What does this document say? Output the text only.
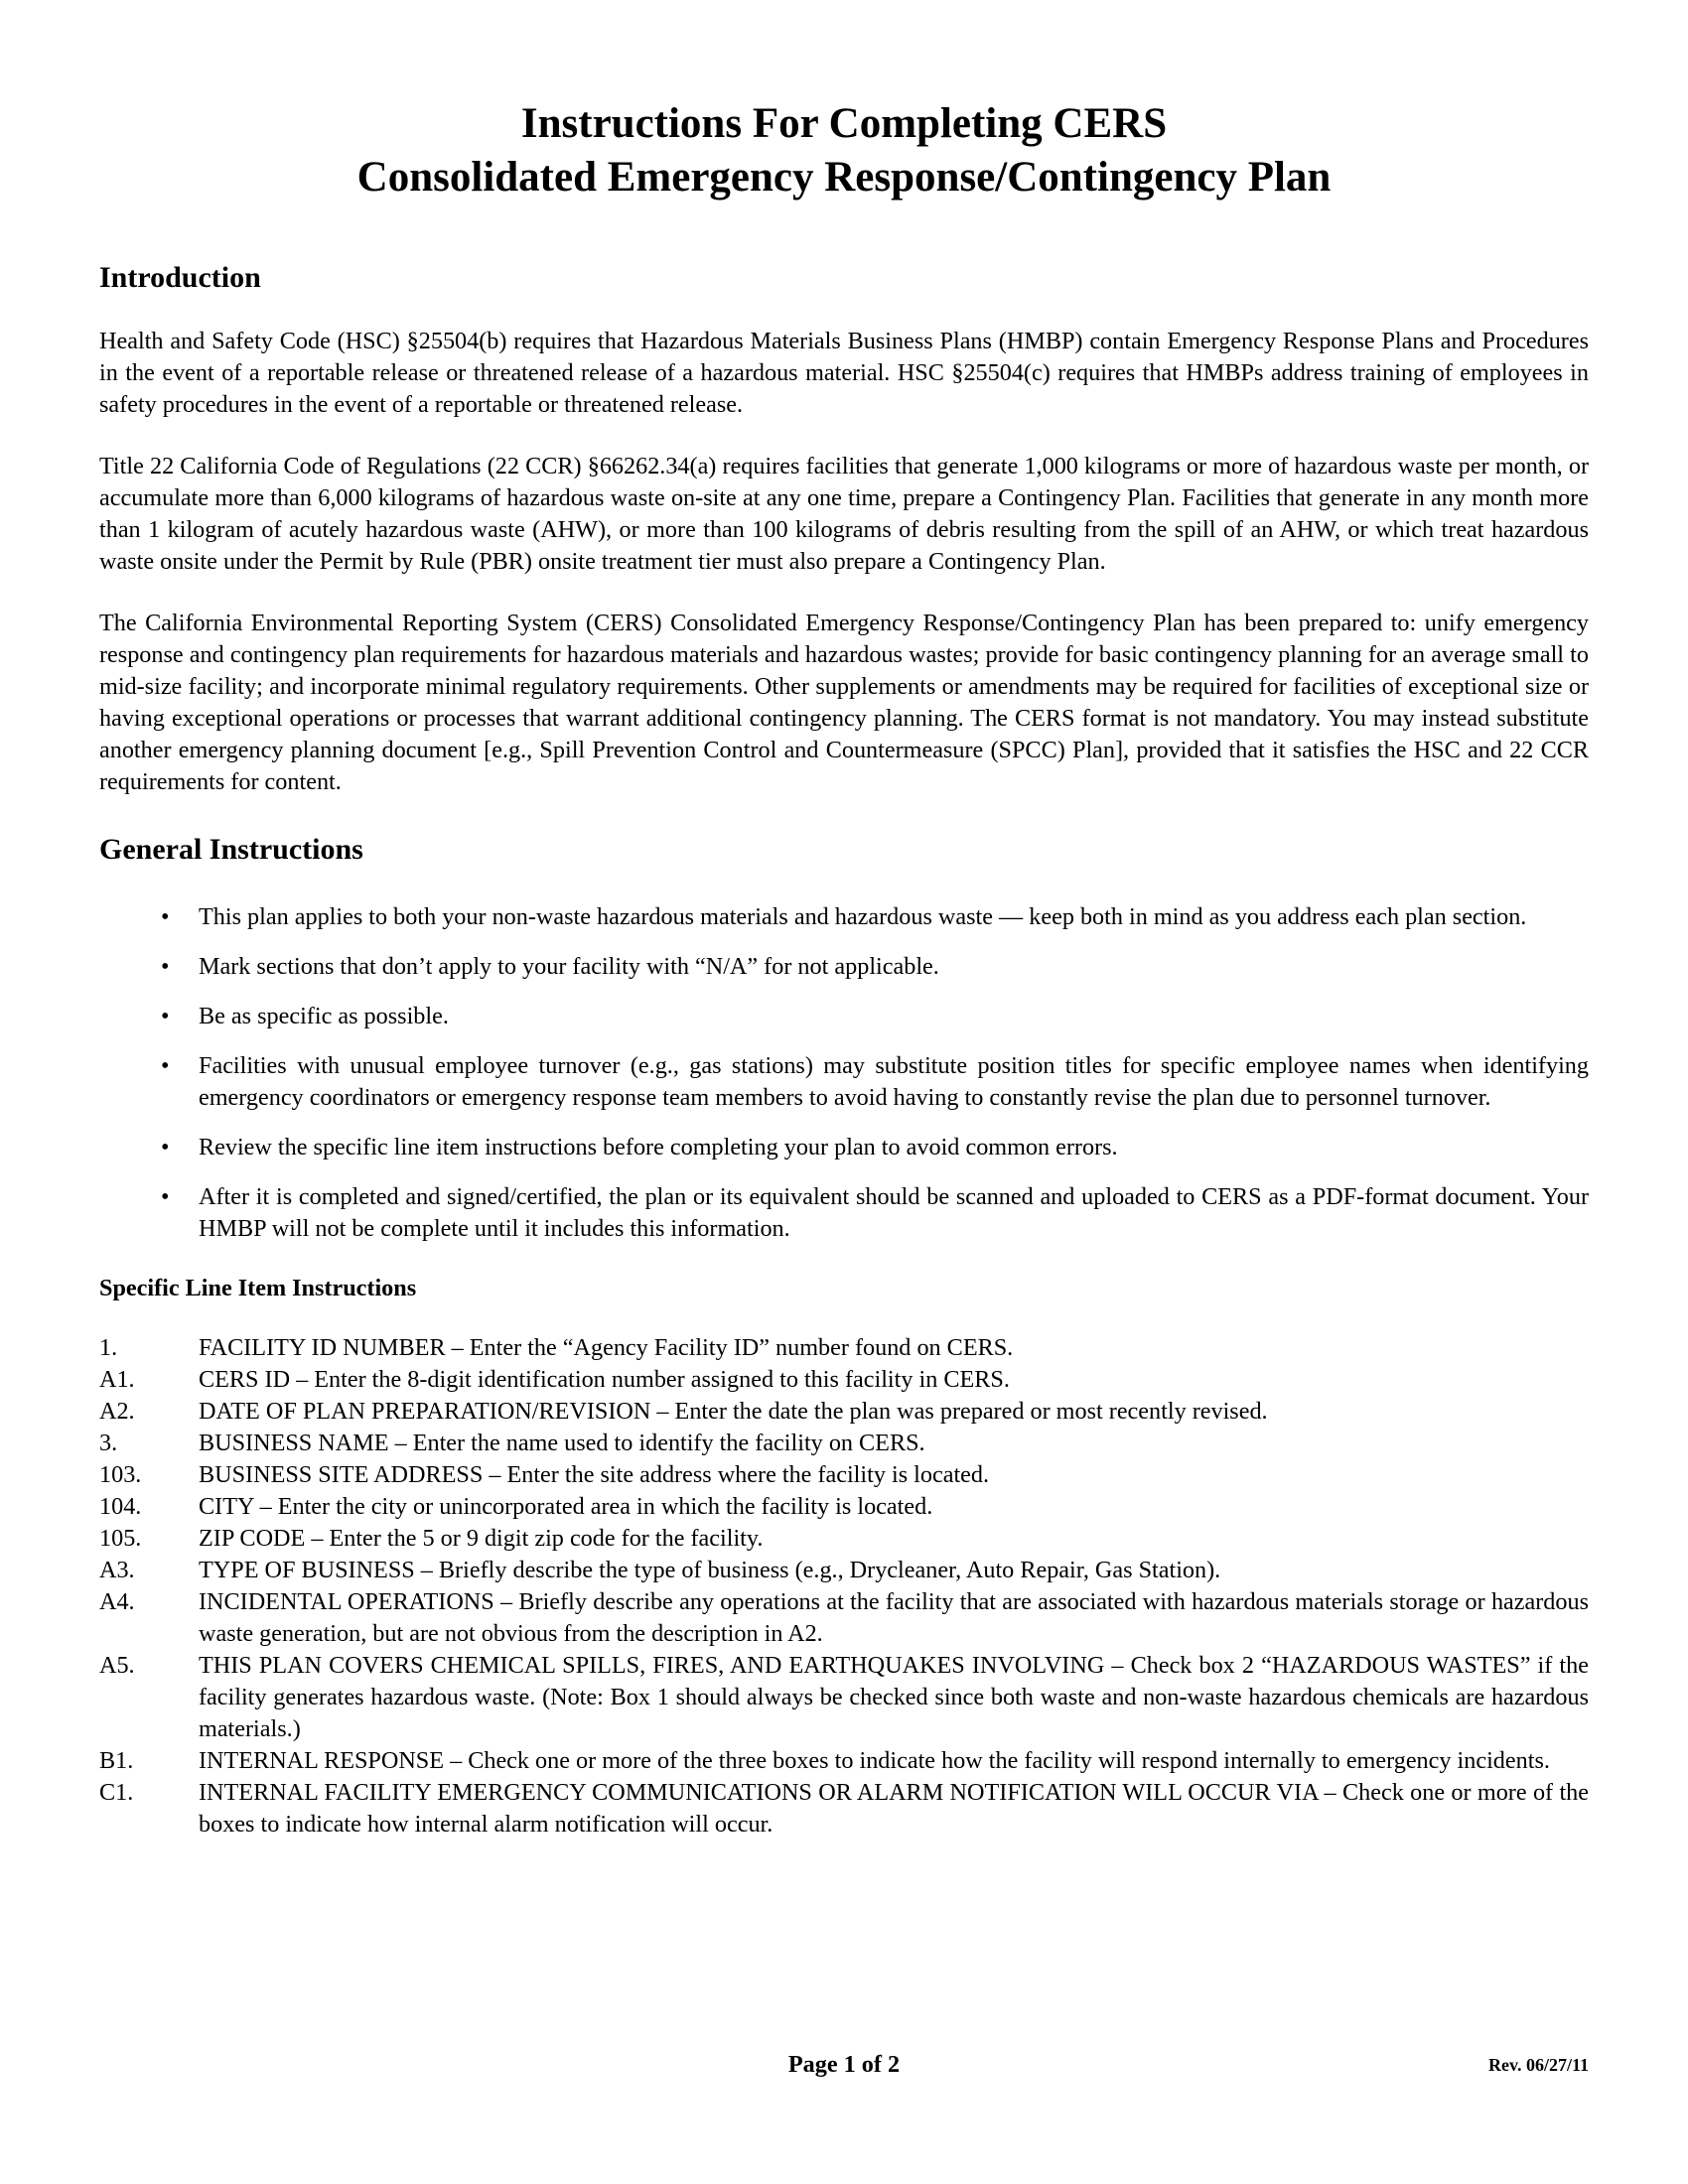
Instructions For Completing CERS
Consolidated Emergency Response/Contingency Plan
Introduction

Health and Safety Code (HSC) §25504(b) requires that Hazardous Materials Business Plans (HMBP) contain Emergency Response Plans and Procedures in the event of a reportable release or threatened release of a hazardous material. HSC §25504(c) requires that HMBPs address training of employees in safety procedures in the event of a reportable or threatened release.

Title 22 California Code of Regulations (22 CCR) §66262.34(a) requires facilities that generate 1,000 kilograms or more of hazardous waste per month, or accumulate more than 6,000 kilograms of hazardous waste on-site at any one time, prepare a Contingency Plan. Facilities that generate in any month more than 1 kilogram of acutely hazardous waste (AHW), or more than 100 kilograms of debris resulting from the spill of an AHW, or which treat hazardous waste onsite under the Permit by Rule (PBR) onsite treatment tier must also prepare a Contingency Plan.

The California Environmental Reporting System (CERS) Consolidated Emergency Response/Contingency Plan has been prepared to: unify emergency response and contingency plan requirements for hazardous materials and hazardous wastes; provide for basic contingency planning for an average small to mid-size facility; and incorporate minimal regulatory requirements. Other supplements or amendments may be required for facilities of exceptional size or having exceptional operations or processes that warrant additional contingency planning. The CERS format is not mandatory. You may instead substitute another emergency planning document [e.g., Spill Prevention Control and Countermeasure (SPCC) Plan], provided that it satisfies the HSC and 22 CCR requirements for content.

General Instructions
• This plan applies to both your non-waste hazardous materials and hazardous waste — keep both in mind as you address each plan section.
• Mark sections that don’t apply to your facility with “N/A” for not applicable.
• Be as specific as possible.
• Facilities with unusual employee turnover (e.g., gas stations) may substitute position titles for specific employee names when identifying emergency coordinators or emergency response team members to avoid having to constantly revise the plan due to personnel turnover.
• Review the specific line item instructions before completing your plan to avoid common errors.
• After it is completed and signed/certified, the plan or its equivalent should be scanned and uploaded to CERS as a PDF-format document. Your HMBP will not be complete until it includes this information.
Specific Line Item Instructions
1.	FACILITY ID NUMBER – Enter the “Agency Facility ID” number found on CERS.
A1.	CERS ID – Enter the 8-digit identification number assigned to this facility in CERS.
A2.	DATE OF PLAN PREPARATION/REVISION – Enter the date the plan was prepared or most recently revised.
3.	BUSINESS NAME – Enter the name used to identify the facility on CERS.
103. BUSINESS SITE ADDRESS – Enter the site address where the facility is located.
104. CITY – Enter the city or unincorporated area in which the facility is located.
105. ZIP CODE – Enter the 5 or 9 digit zip code for the facility.
A3.	TYPE OF BUSINESS – Briefly describe the type of business (e.g., Drycleaner, Auto Repair, Gas Station).
A4.	INCIDENTAL OPERATIONS – Briefly describe any operations at the facility that are associated with hazardous materials storage or hazardous waste generation, but are not obvious from the description in A2.
A5.	THIS PLAN COVERS CHEMICAL SPILLS, FIRES, AND EARTHQUAKES INVOLVING – Check box 2 “HAZARDOUS WASTES” if the facility generates hazardous waste. (Note: Box 1 should always be checked since both waste and non-waste hazardous chemicals are hazardous materials.)
B1.	INTERNAL RESPONSE – Check one or more of the three boxes to indicate how the facility will respond internally to emergency incidents.
C1.	INTERNAL FACILITY EMERGENCY COMMUNICATIONS OR ALARM NOTIFICATION WILL OCCUR VIA – Check one or more of the boxes to indicate how internal alarm notification will occur.
Page 1 of 2	Rev. 06/27/11
